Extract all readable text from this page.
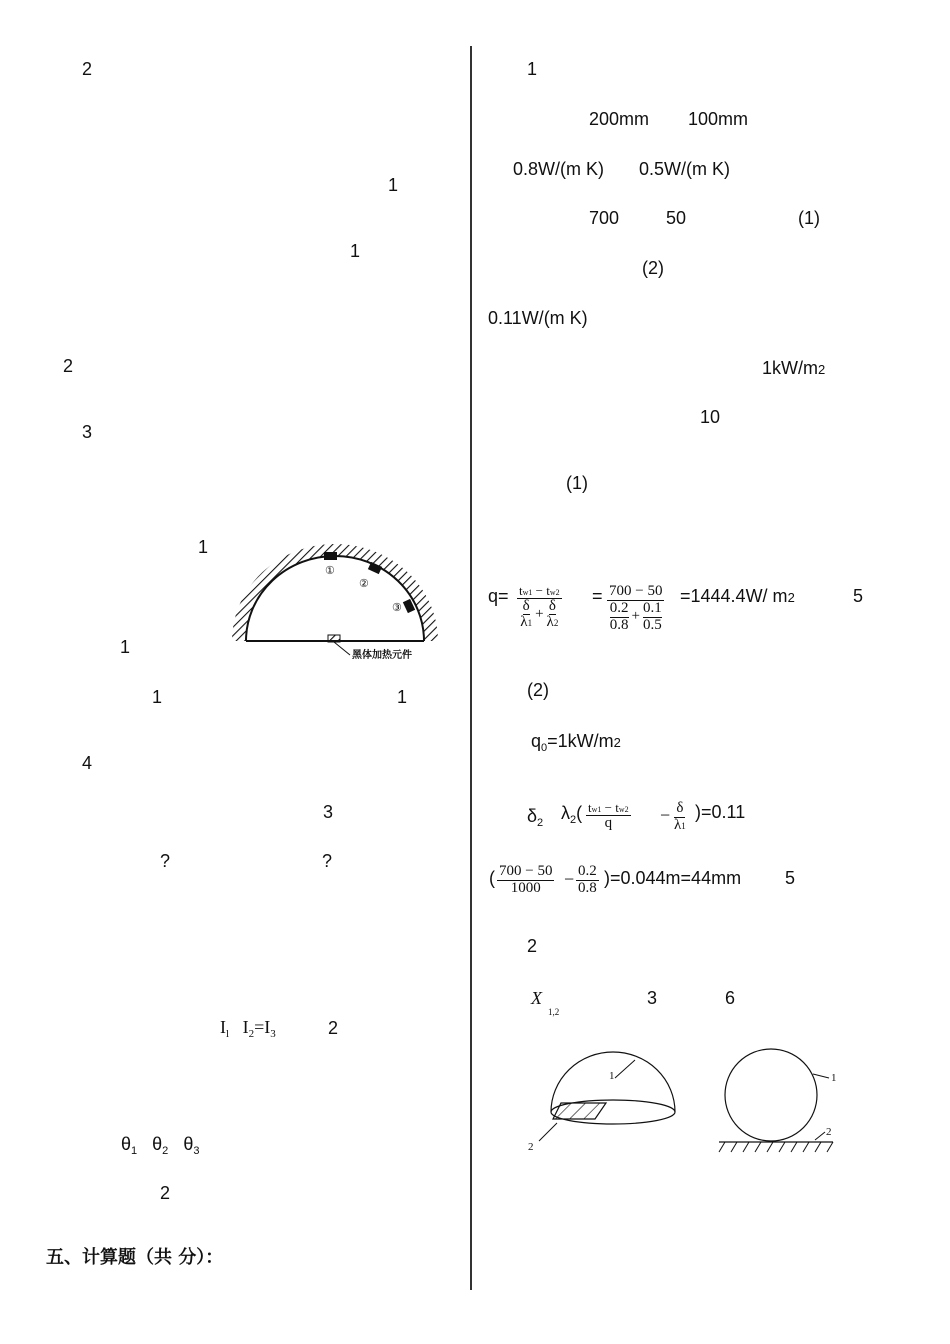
2
1
1
2
3
1
1
1	1
4
3
?	?
①
②
③
黑体加热元件
$I_l$ $I_2=I_3$	2
$\theta_1$ $\theta_2$ $\theta_3$
2
五、计算题（共 分）：
1
200mm 100mm
0.8W/(m K) 0.5W/(m K)
700	50	(1)
(2)
0.11W/(m K)
1kW/m2
10
(1)
q= tw1 − tw2
δ
λ1
+ $\frac{\delta}{\lambda 2} = 700 - 50$
0.2
0.8
+ $\frac{0.1}{0.5} =1444.4W/$ m2	5
(2)
$q_0=1kW/m2$
$\delta_2$ $\lambda_2( \frac{tw1 - tw2}{q} - \frac{\delta}{\lambda 1} )=0.11$
( $\frac{700 - 50}{1000} - \frac{0.2}{0.8} )=0.044m=44mm$ 5
2
X
1,2
3	6
1
2
1
2
